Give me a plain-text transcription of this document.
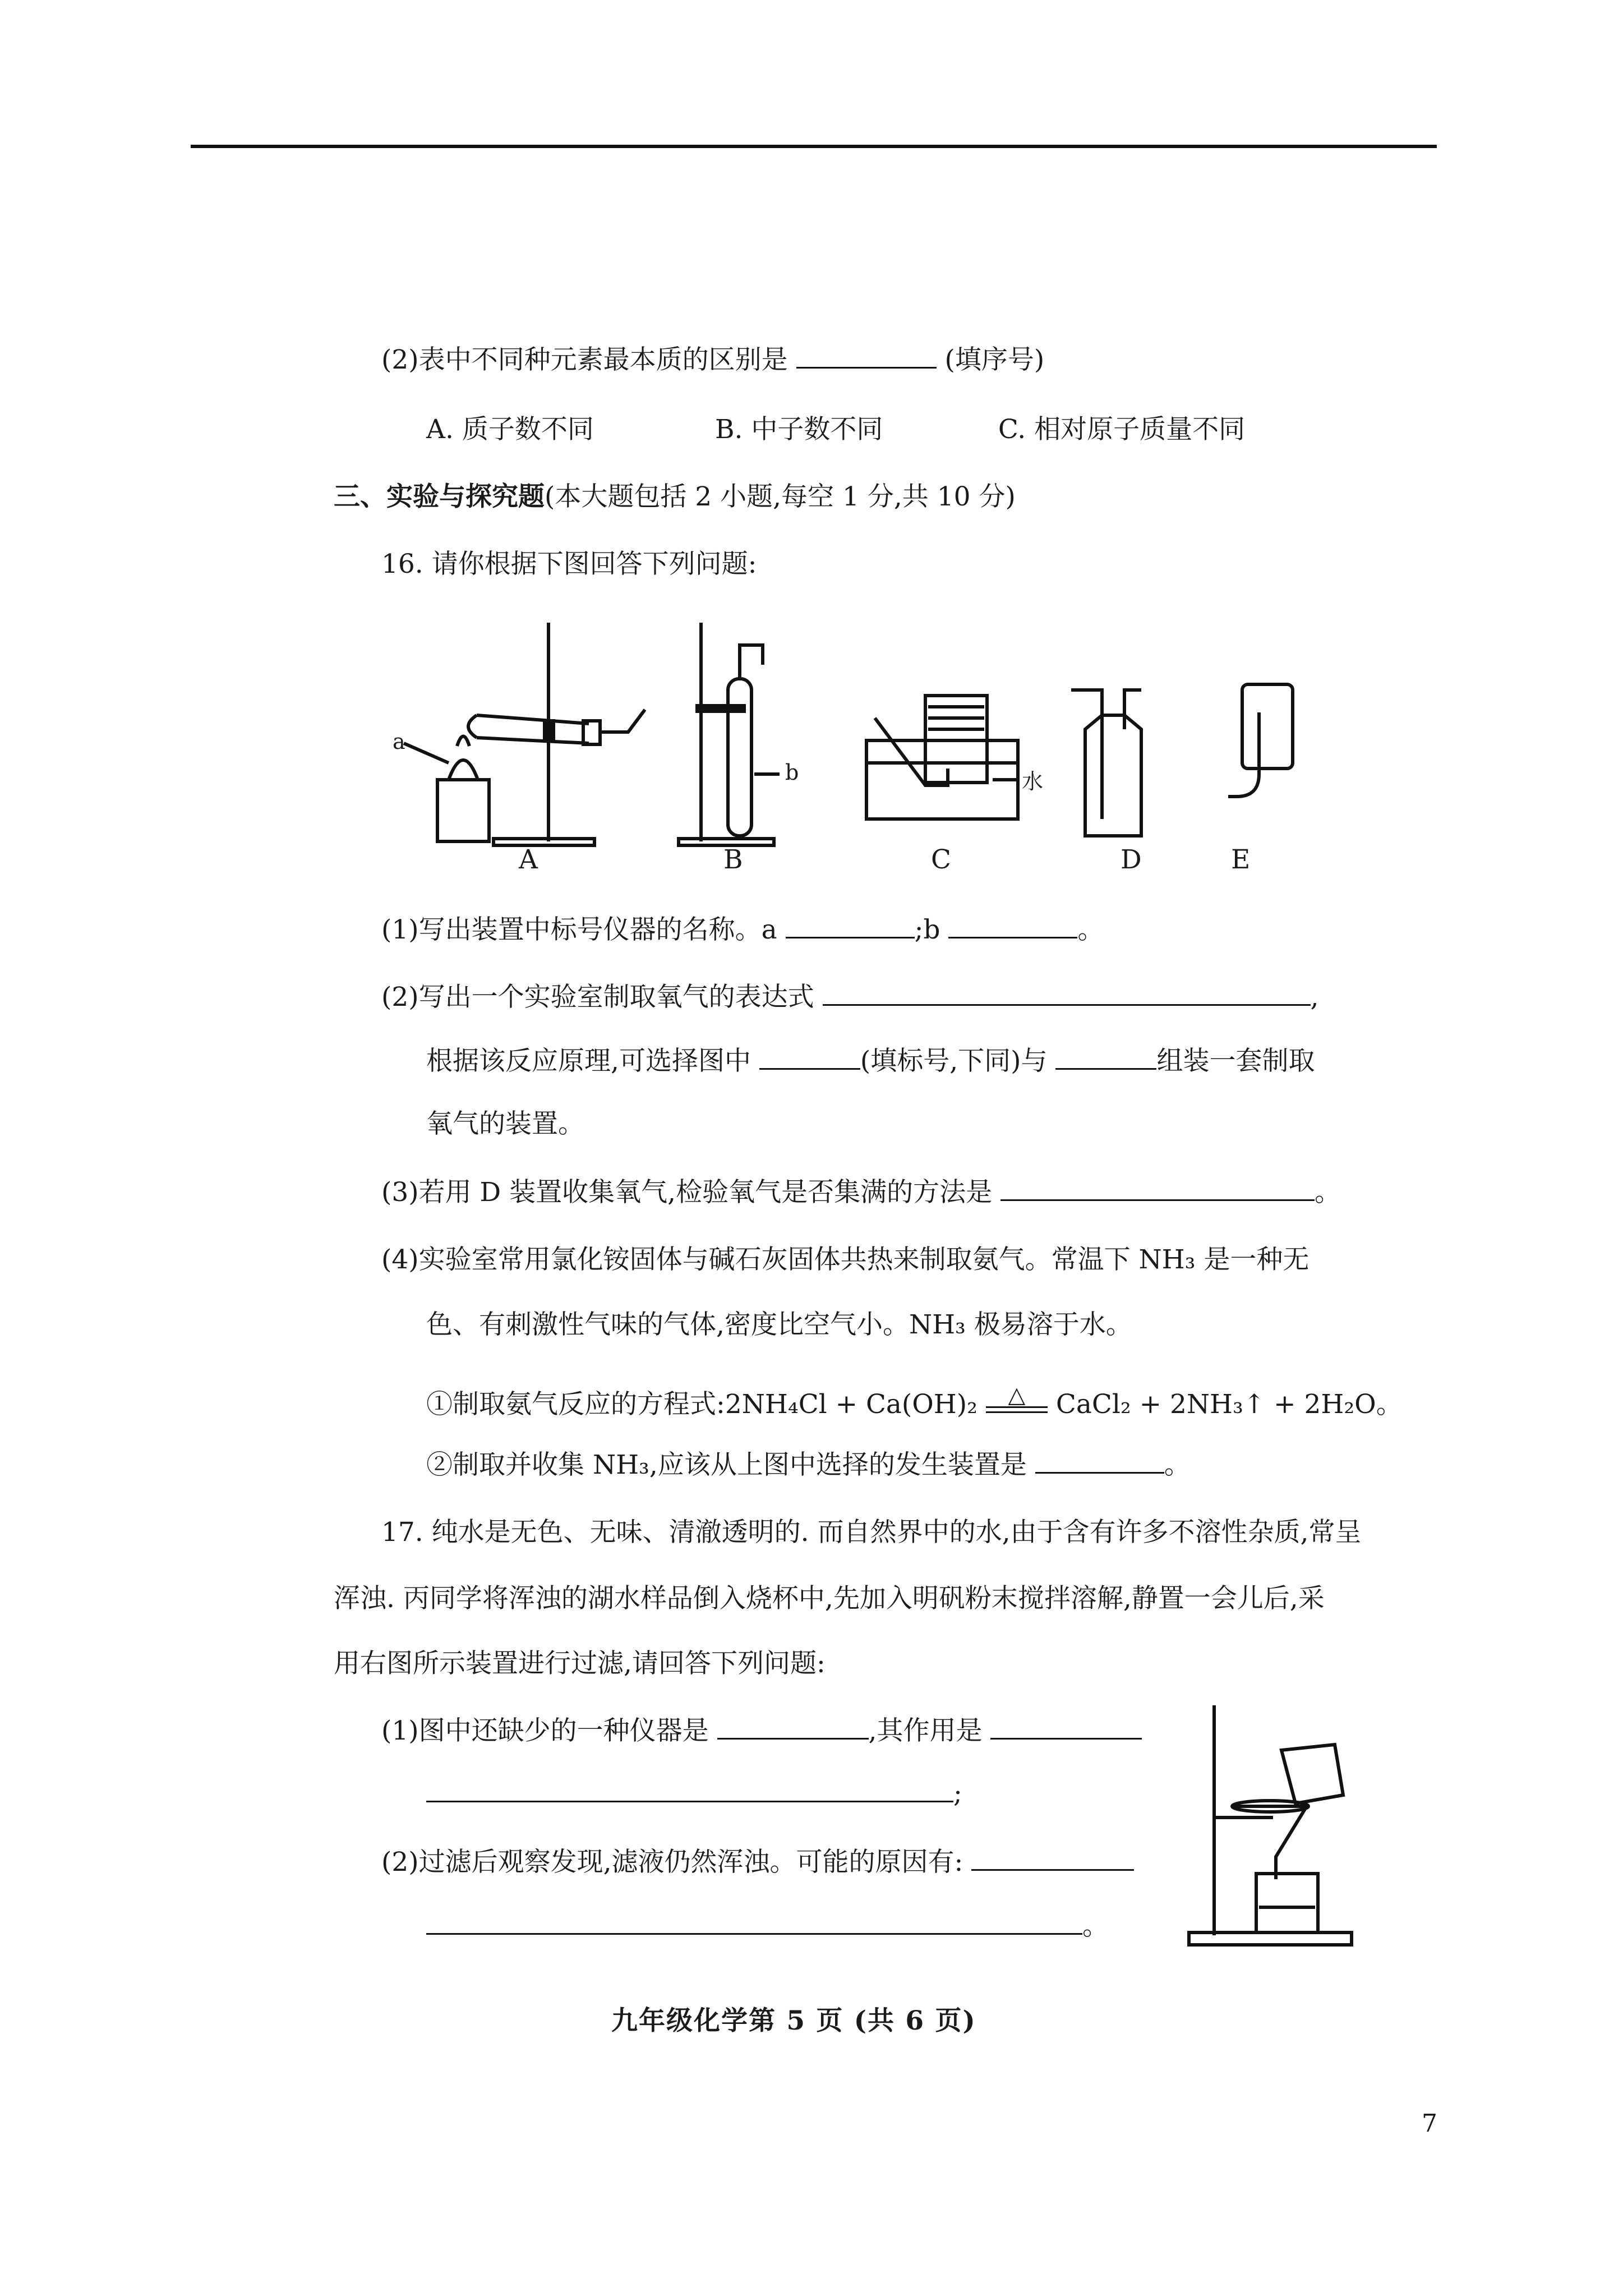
(2)表中不同种元素最本质的区别是	(填序号)
A. 质子数不同	B. 中子数不同	C. 相对原子质量不同
三、实验与探究题(本大题包括 2 小题,每空 1 分,共 10 分)
16. 请你根据下图回答下列问题:
a
b	水
A	B	C	D	E
(1)写出装置中标号仪器的名称。a	;b	。
(2)写出一个实验室制取氧气的表达式	,
根据该反应原理,可选择图中	(填标号,下同)与	组装一套制取
氧气的装置。
(3)若用 D 装置收集氧气,检验氧气是否集满的方法是	。
(4)实验室常用氯化铵固体与碱石灰固体共热来制取氨气。常温下 NH₃ 是一种无
色、有刺激性气味的气体,密度比空气小。NH₃ 极易溶于水。
①制取氨气反应的方程式:2NH₄Cl + Ca(OH)₂	△	CaCl₂ + 2NH₃↑ + 2H₂O。
②制取并收集 NH₃,应该从上图中选择的发生装置是	。
17. 纯水是无色、无味、清澈透明的. 而自然界中的水,由于含有许多不溶性杂质,常呈
浑浊. 丙同学将浑浊的湖水样品倒入烧杯中,先加入明矾粉末搅拌溶解,静置一会儿后,采
用右图所示装置进行过滤,请回答下列问题:
(1)图中还缺少的一种仪器是	,其作用是
;
(2)过滤后观察发现,滤液仍然浑浊。可能的原因有:
。
九年级化学第 5 页 (共 6 页)
7
